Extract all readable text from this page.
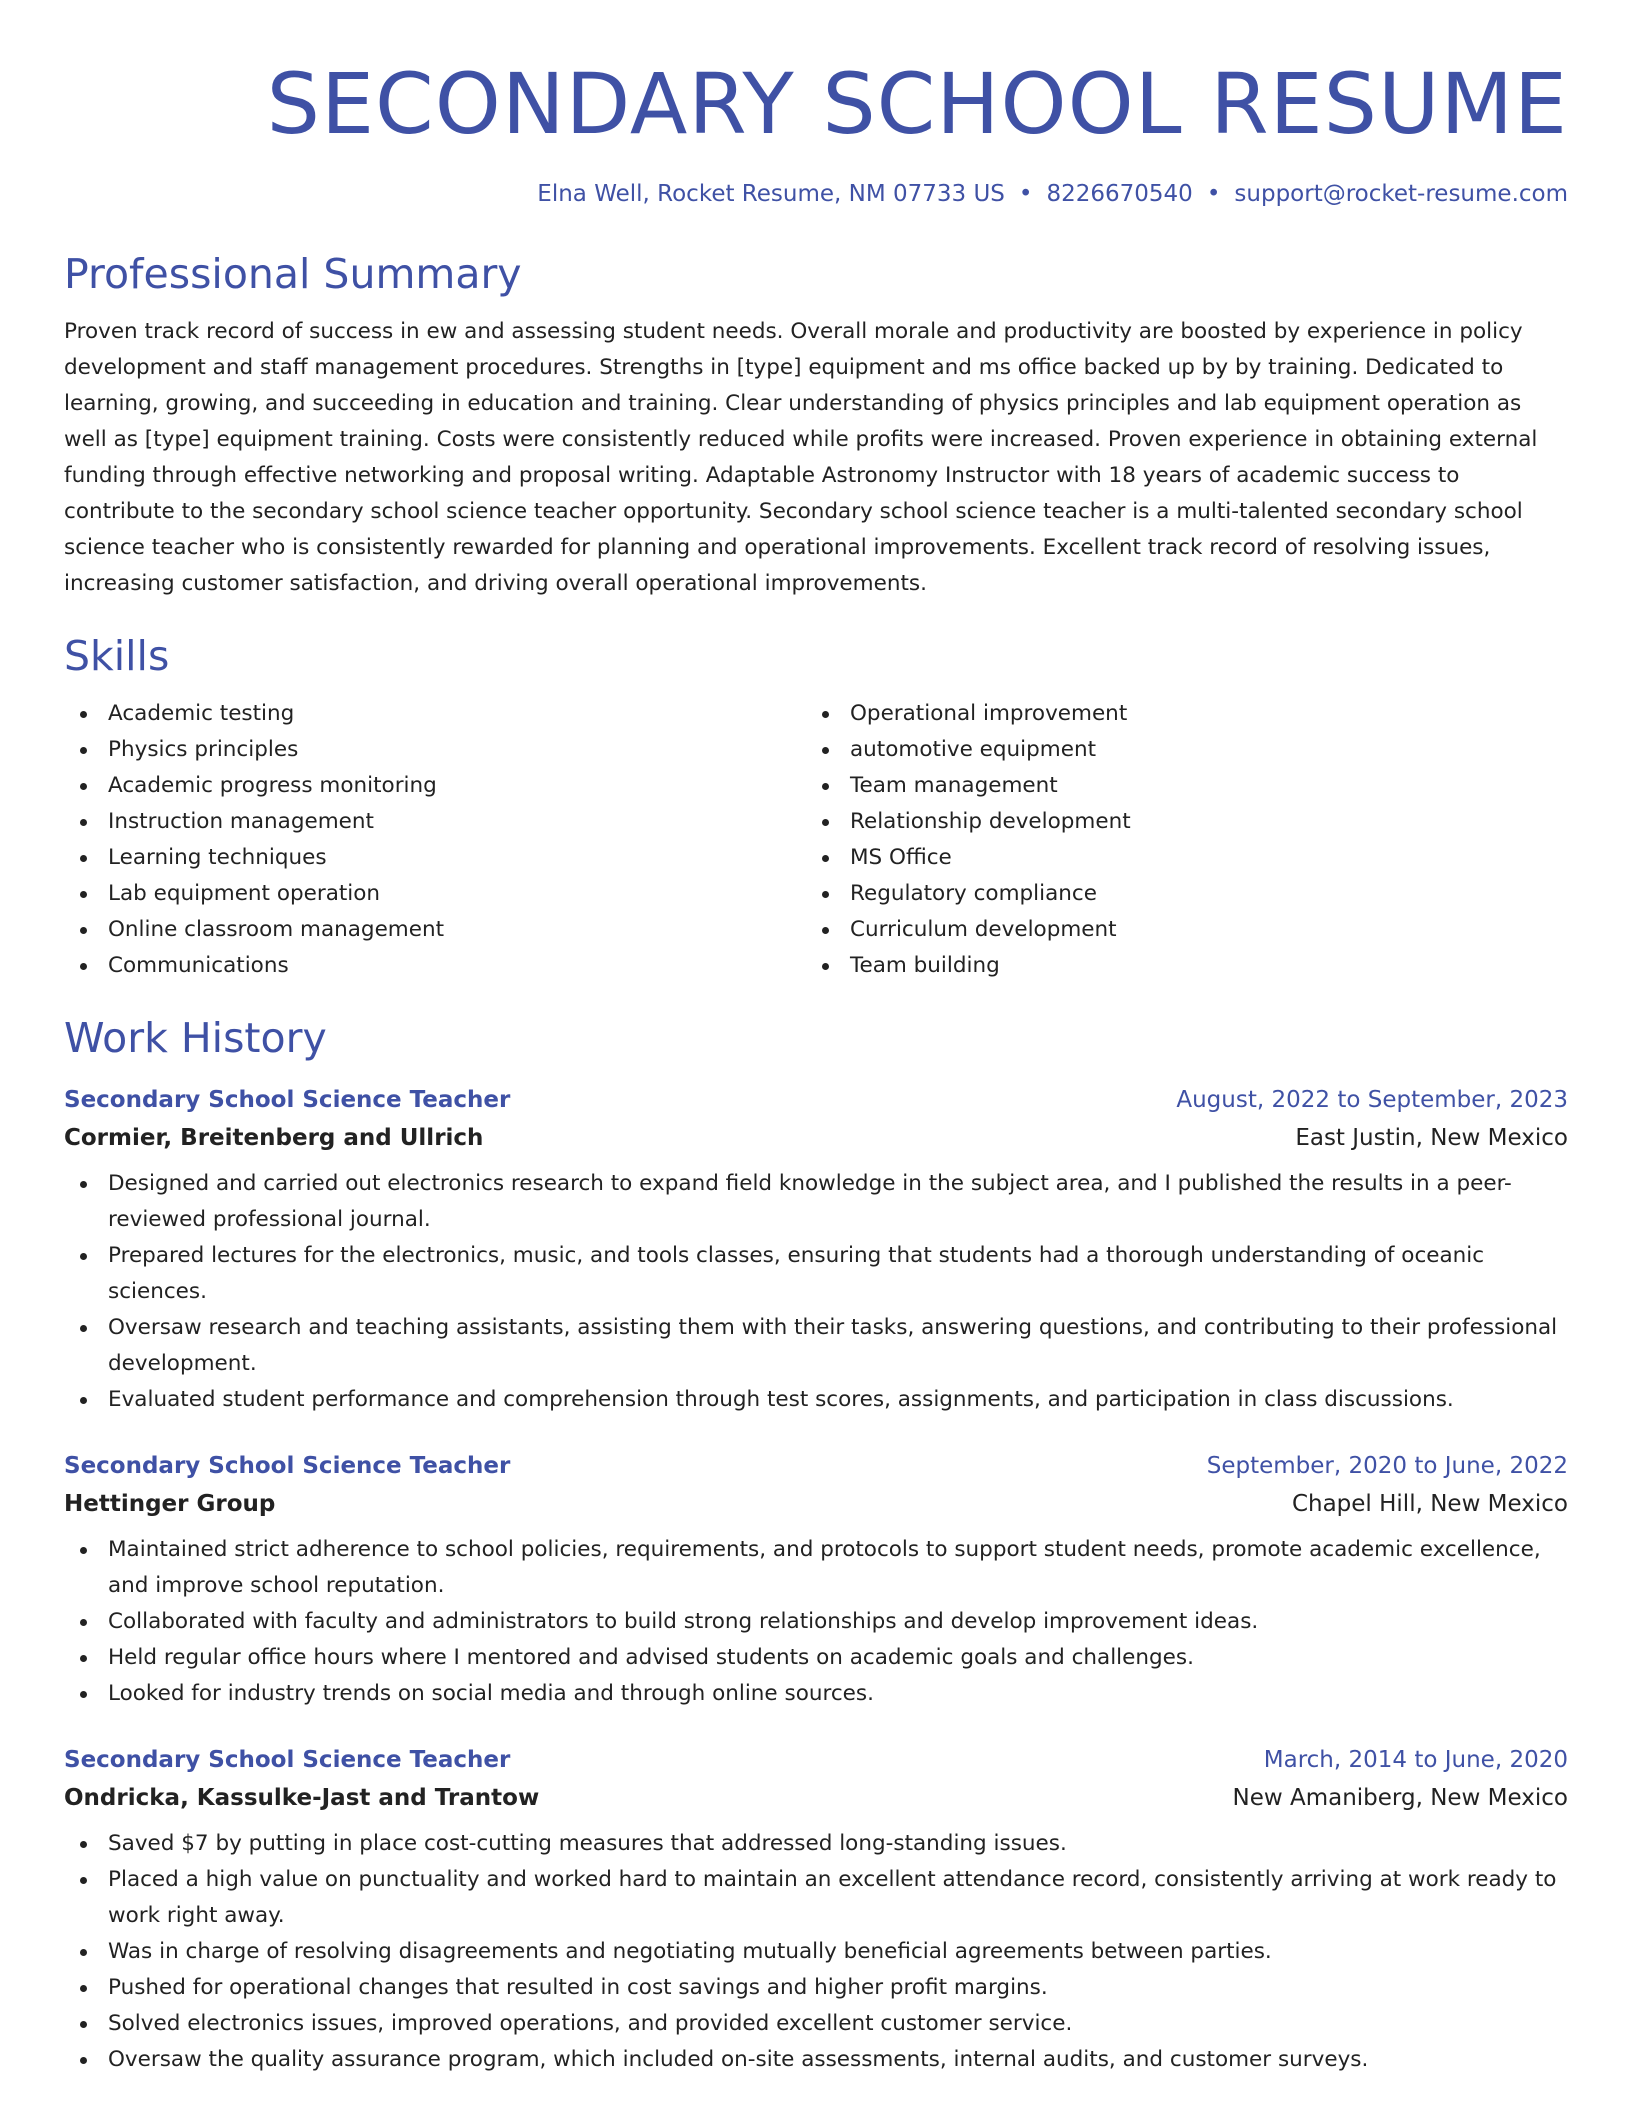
SECONDARY SCHOOL RESUME
Elna Well, Rocket Resume, NM 07733 US • 8226670540 • support@rocket-resume.com
Professional Summary
Proven track record of success in ew and assessing student needs. Overall morale and productivity are boosted by experience in policy development and staff management procedures. Strengths in [type] equipment and ms office backed up by by training. Dedicated to learning, growing, and succeeding in education and training. Clear understanding of physics principles and lab equipment operation as well as [type] equipment training. Costs were consistently reduced while profits were increased. Proven experience in obtaining external funding through effective networking and proposal writing. Adaptable Astronomy Instructor with 18 years of academic success to contribute to the secondary school science teacher opportunity. Secondary school science teacher is a multi-talented secondary school science teacher who is consistently rewarded for planning and operational improvements. Excellent track record of resolving issues, increasing customer satisfaction, and driving overall operational improvements.
Skills
Academic testing
Physics principles
Academic progress monitoring
Instruction management
Learning techniques
Lab equipment operation
Online classroom management
Communications
Operational improvement
automotive equipment
Team management
Relationship development
MS Office
Regulatory compliance
Curriculum development
Team building
Work History
Secondary School Science Teacher	August, 2022 to September, 2023
Cormier, Breitenberg and Ullrich	East Justin, New Mexico
Designed and carried out electronics research to expand field knowledge in the subject area, and I published the results in a peer-reviewed professional journal.
Prepared lectures for the electronics, music, and tools classes, ensuring that students had a thorough understanding of oceanic sciences.
Oversaw research and teaching assistants, assisting them with their tasks, answering questions, and contributing to their professional development.
Evaluated student performance and comprehension through test scores, assignments, and participation in class discussions.
Secondary School Science Teacher	September, 2020 to June, 2022
Hettinger Group	Chapel Hill, New Mexico
Maintained strict adherence to school policies, requirements, and protocols to support student needs, promote academic excellence, and improve school reputation.
Collaborated with faculty and administrators to build strong relationships and develop improvement ideas.
Held regular office hours where I mentored and advised students on academic goals and challenges.
Looked for industry trends on social media and through online sources.
Secondary School Science Teacher	March, 2014 to June, 2020
Ondricka, Kassulke-Jast and Trantow	New Amaniberg, New Mexico
Saved $7 by putting in place cost-cutting measures that addressed long-standing issues.
Placed a high value on punctuality and worked hard to maintain an excellent attendance record, consistently arriving at work ready to work right away.
Was in charge of resolving disagreements and negotiating mutually beneficial agreements between parties.
Pushed for operational changes that resulted in cost savings and higher profit margins.
Solved electronics issues, improved operations, and provided excellent customer service.
Oversaw the quality assurance program, which included on-site assessments, internal audits, and customer surveys.
